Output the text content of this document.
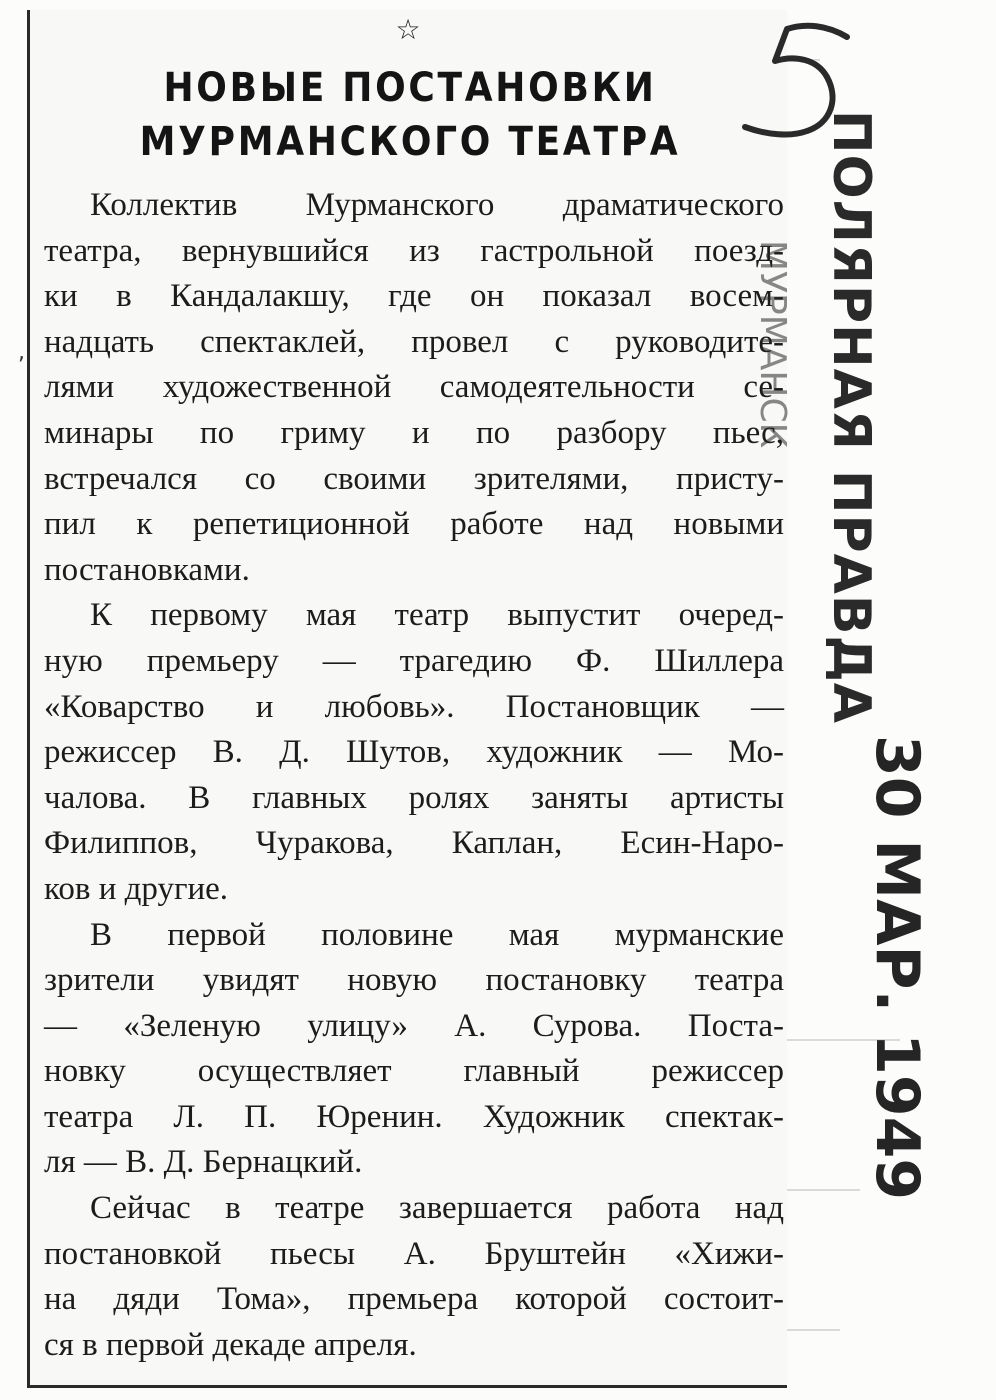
,
☆
НОВЫЕ ПОСТАНОВКИ
МУРМАНСКОГО ТЕАТРА
Коллектив Мурманского драматического
театра, вернувшийся из гастрольной поезд-
ки в Кандалакшу, где он показал восем-
надцать спектаклей, провел с руководите-
лями художественной самодеятельности се-
минары по гриму и по разбору пьес,
встречался со своими зрителями, присту-
пил к репетиционной работе над новыми
постановками.
К первому мая театр выпустит очеред-
ную премьеру — трагедию Ф. Шиллера
«Коварство и любовь». Постановщик —
режиссер В. Д. Шутов, художник — Мо-
чалова. В главных ролях заняты артисты
Филиппов, Чуракова, Каплан, Есин-Наро-
ков и другие.
В первой половине мая мурманские
зрители увидят новую постановку театра
— «Зеленую улицу» А. Сурова. Поста-
новку осуществляет главный режиссер
театра Л. П. Юренин. Художник спектак-
ля — В. Д. Бернацкий.
Сейчас в театре завершается работа над
постановкой пьесы А. Бруштейн «Хижи-
на дяди Тома», премьера которой состоит-
ся в первой декаде апреля.
МУРМАНСК ПОЛЯРНАЯ ПРАВДА
30 МАР. 1949
